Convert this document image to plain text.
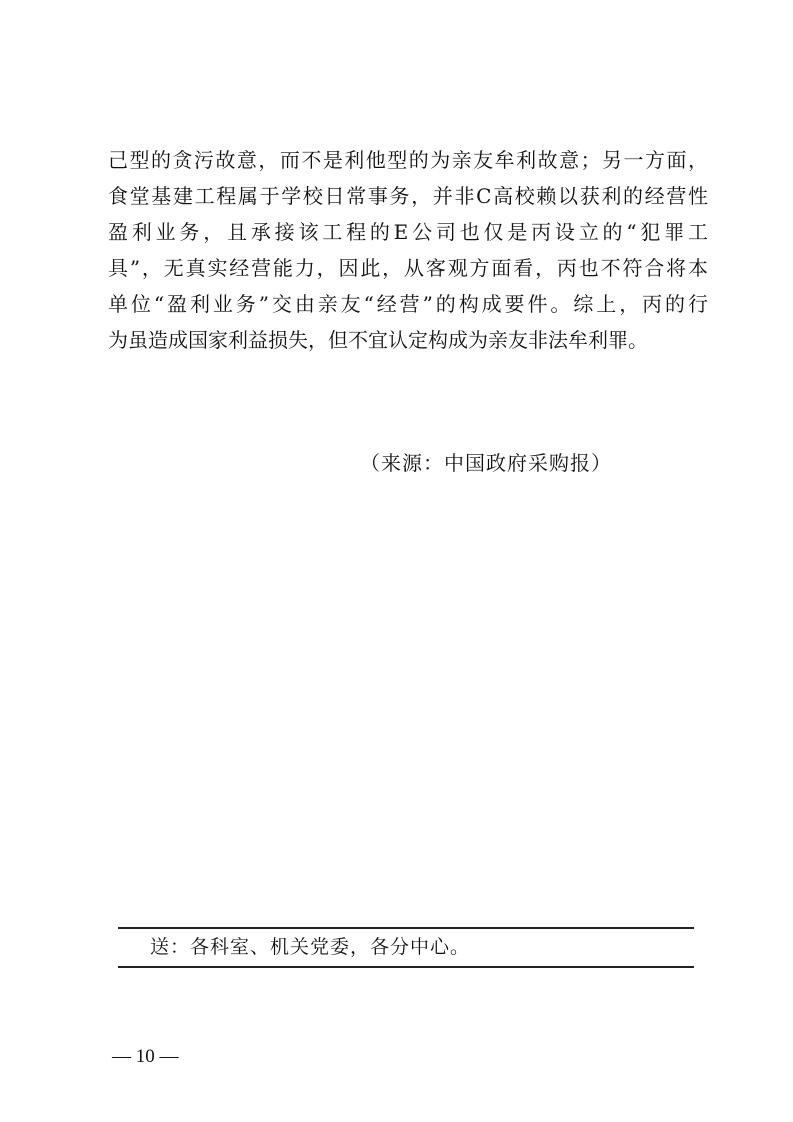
己型的贪污故意，而不是利他型的为亲友牟利故意；另一方面，
食堂基建工程属于学校日常事务，并非C高校赖以获利的经营性
盈利业务，且承接该工程的E公司也仅是丙设立的“犯罪工
具”，无真实经营能力，因此，从客观方面看，丙也不符合将本
单位“盈利业务”交由亲友“经营”的构成要件。综上，丙的行
为虽造成国家利益损失，但不宜认定构成为亲友非法牟利罪。
（来源：中国政府采购报）
送：各科室、机关党委，各分中心。
— 10 —
